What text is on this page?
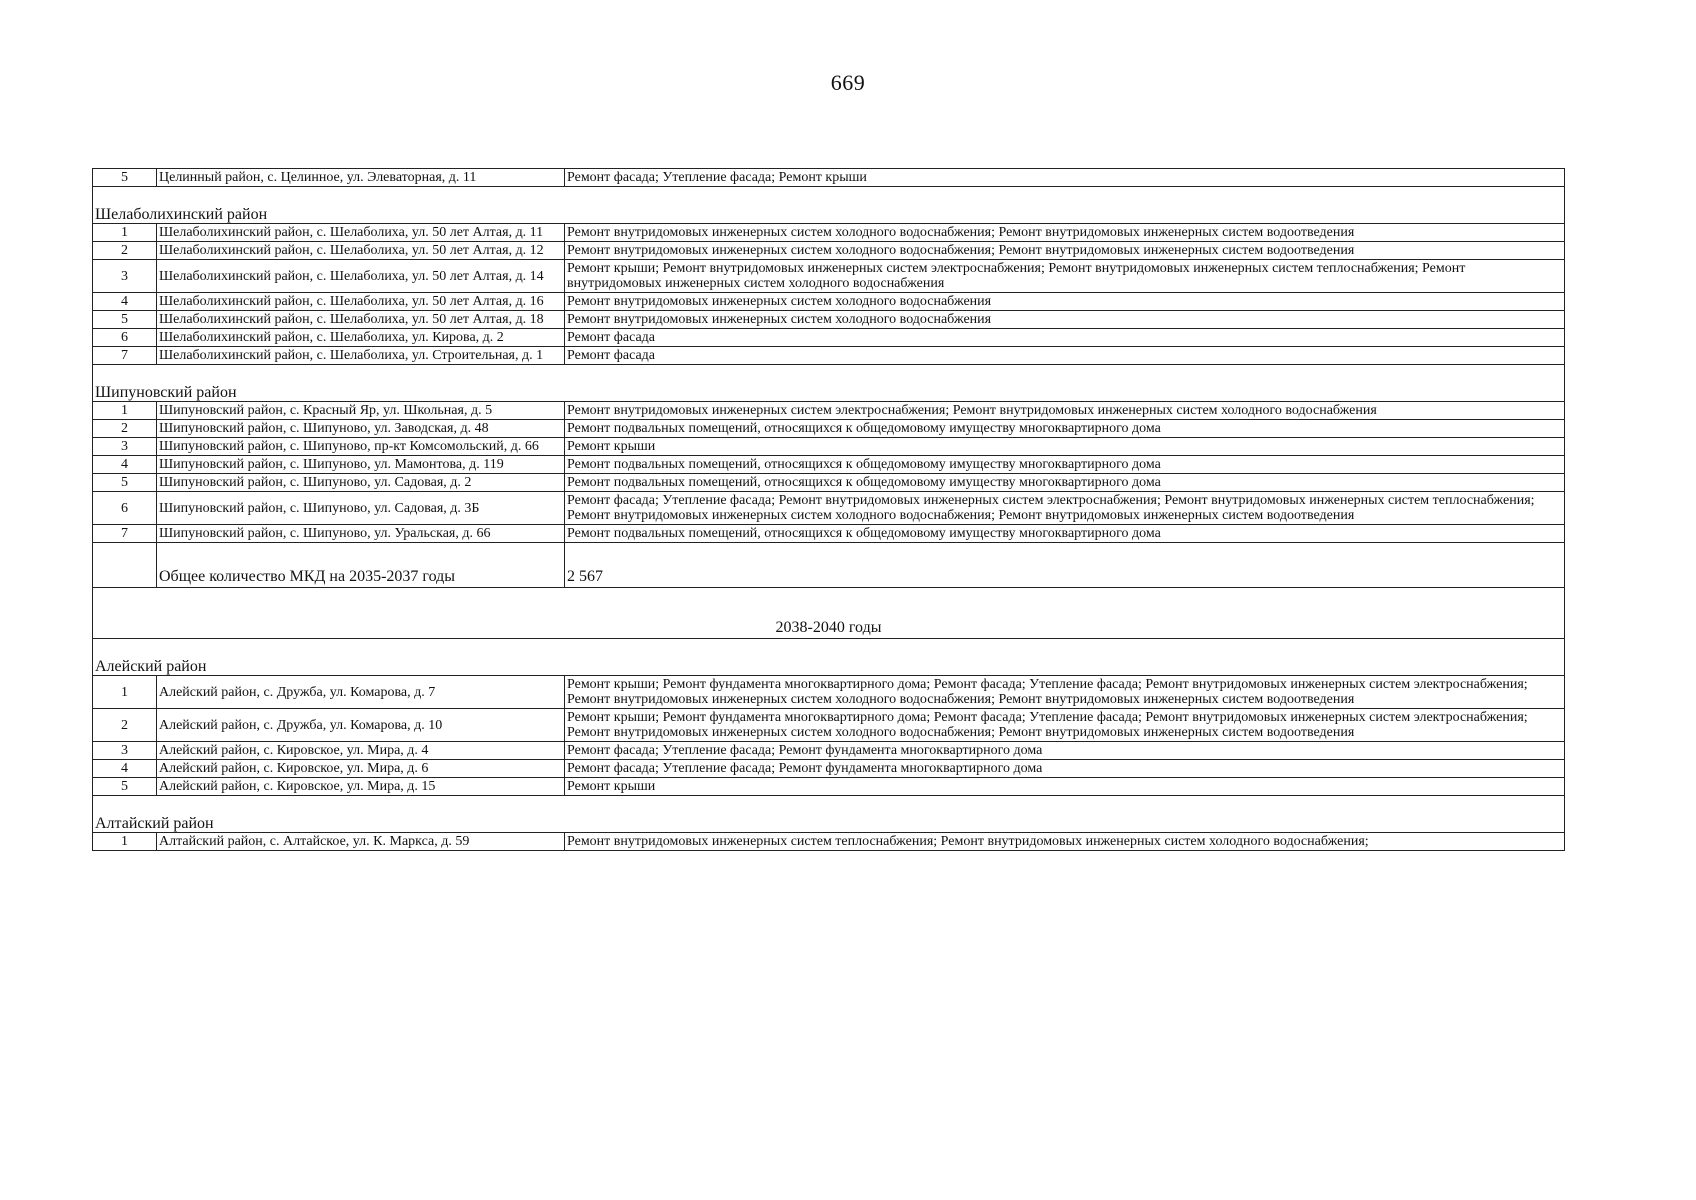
669
5	Целинный район, с. Целинное, ул. Элеваторная, д. 11	Ремонт фасада; Утепление фасада; Ремонт крыши
Шелаболихинский район		
1	Шелаболихинский район, с. Шелаболиха, ул. 50 лет Алтая, д. 11	Ремонт внутридомовых инженерных систем холодного водоснабжения; Ремонт внутридомовых инженерных систем водоотведения
2	Шелаболихинский район, с. Шелаболиха, ул. 50 лет Алтая, д. 12	Ремонт внутридомовых инженерных систем холодного водоснабжения; Ремонт внутридомовых инженерных систем водоотведения
3	Шелаболихинский район, с. Шелаболиха, ул. 50 лет Алтая, д. 14	Ремонт крыши; Ремонт внутридомовых инженерных систем электроснабжения; Ремонт внутридомовых инженерных систем теплоснабжения; Ремонт внутридомовых инженерных систем холодного водоснабжения
4	Шелаболихинский район, с. Шелаболиха, ул. 50 лет Алтая, д. 16	Ремонт внутридомовых инженерных систем холодного водоснабжения
5	Шелаболихинский район, с. Шелаболиха, ул. 50 лет Алтая, д. 18	Ремонт внутридомовых инженерных систем холодного водоснабжения
6	Шелаболихинский район, с. Шелаболиха, ул. Кирова, д. 2	Ремонт фасада
7	Шелаболихинский район, с. Шелаболиха, ул. Строительная, д. 1	Ремонт фасада
Шипуновский район		
1	Шипуновский район, с. Красный Яр, ул. Школьная, д. 5	Ремонт внутридомовых инженерных систем электроснабжения; Ремонт внутридомовых инженерных систем холодного водоснабжения
2	Шипуновский район, с. Шипуново, ул. Заводская, д. 48	Ремонт подвальных помещений, относящихся к общедомовому имуществу многоквартирного дома
3	Шипуновский район, с. Шипуново, пр-кт Комсомольский, д. 66	Ремонт крыши
4	Шипуновский район, с. Шипуново, ул. Мамонтова, д. 119	Ремонт подвальных помещений, относящихся к общедомовому имуществу многоквартирного дома
5	Шипуновский район, с. Шипуново, ул. Садовая, д. 2	Ремонт подвальных помещений, относящихся к общедомовому имуществу многоквартирного дома
6	Шипуновский район, с. Шипуново, ул. Садовая, д. 3Б	Ремонт фасада; Утепление фасада; Ремонт внутридомовых инженерных систем электроснабжения; Ремонт внутридомовых инженерных систем теплоснабжения; Ремонт внутридомовых инженерных систем холодного водоснабжения; Ремонт внутридомовых инженерных систем водоотведения
7	Шипуновский район, с. Шипуново, ул. Уральская, д. 66	Ремонт подвальных помещений, относящихся к общедомовому имуществу многоквартирного дома
	Общее количество МКД на 2035-2037 годы	2 567
2038-2040 годы		
Алейский район		
1	Алейский район, с. Дружба, ул. Комарова, д. 7	Ремонт крыши; Ремонт фундамента многоквартирного дома; Ремонт фасада; Утепление фасада; Ремонт внутридомовых инженерных систем электроснабжения; Ремонт внутридомовых инженерных систем холодного водоснабжения; Ремонт внутридомовых инженерных систем водоотведения
2	Алейский район, с. Дружба, ул. Комарова, д. 10	Ремонт крыши; Ремонт фундамента многоквартирного дома; Ремонт фасада; Утепление фасада; Ремонт внутридомовых инженерных систем электроснабжения; Ремонт внутридомовых инженерных систем холодного водоснабжения; Ремонт внутридомовых инженерных систем водоотведения
3	Алейский район, с. Кировское, ул. Мира, д. 4	Ремонт фасада; Утепление фасада; Ремонт фундамента многоквартирного дома
4	Алейский район, с. Кировское, ул. Мира, д. 6	Ремонт фасада; Утепление фасада; Ремонт фундамента многоквартирного дома
5	Алейский район, с. Кировское, ул. Мира, д. 15	Ремонт крыши
Алтайский район		
1	Алтайский район, с. Алтайское, ул. К. Маркса, д. 59	Ремонт внутридомовых инженерных систем теплоснабжения; Ремонт внутридомовых инженерных систем холодного водоснабжения;
